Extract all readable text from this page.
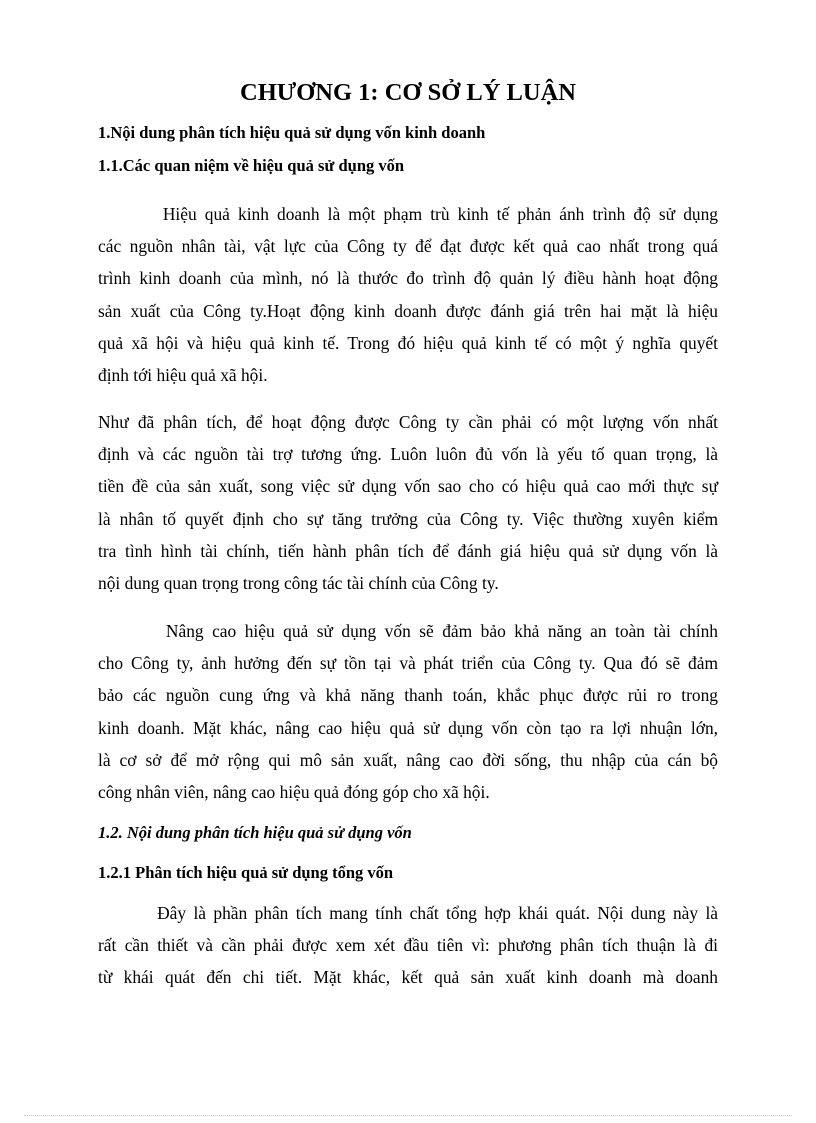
CHƯƠNG 1: CƠ SỞ LÝ LUẬN
1.Nội dung phân tích hiệu quả sử dụng vốn kinh doanh
1.1.Các quan niệm về hiệu quả sử dụng vốn
Hiệu quả kinh doanh là một phạm trù kinh tế phản ánh trình độ sử dụng
các nguồn nhân tài, vật lực của Công ty để đạt được kết quả cao nhất trong quá
trình kinh doanh của mình, nó là thước đo trình độ quản lý điều hành hoạt động
sản xuất của Công ty.Hoạt động kinh doanh được đánh giá trên hai mặt là hiệu
quả xã hội và hiệu quả kinh tế. Trong đó hiệu quả kinh tế có một ý nghĩa quyết
định tới hiệu quả xã hội.
Như đã phân tích, để hoạt động được Công ty cần phải có một lượng vốn nhất
định và các nguồn tài trợ tương ứng. Luôn luôn đủ vốn là yếu tố quan trọng, là
tiền đề của sản xuất, song việc sử dụng vốn sao cho có hiệu quả cao mới thực sự
là nhân tố quyết định cho sự tăng trưởng của Công ty. Việc thường xuyên kiểm
tra tình hình tài chính, tiến hành phân tích để đánh giá hiệu quả sử dụng vốn là
nội dung quan trọng trong công tác tài chính của Công ty.
Nâng cao hiệu quả sử dụng vốn sẽ đảm bảo khả năng an toàn tài chính
cho Công ty, ảnh hưởng đến sự tồn tại và phát triển của Công ty. Qua đó sẽ đảm
bảo các nguồn cung ứng và khả năng thanh toán, khắc phục được rủi ro trong
kinh doanh. Mặt khác, nâng cao hiệu quả sử dụng vốn còn tạo ra lợi nhuận lớn,
là cơ sở để mở rộng qui mô sản xuất, nâng cao đời sống, thu nhập của cán bộ
công nhân viên, nâng cao hiệu quả đóng góp cho xã hội.
1.2. Nội dung phân tích hiệu quả sử dụng vốn
1.2.1 Phân tích hiệu quả sử dụng tổng vốn
Đây là phần phân tích mang tính chất tổng hợp khái quát. Nội dung này là
rất cần thiết và cần phải được xem xét đầu tiên vì: phương phân tích thuận là đi
từ khái quát đến chi tiết. Mặt khác, kết quả sản xuất kinh doanh mà doanh
